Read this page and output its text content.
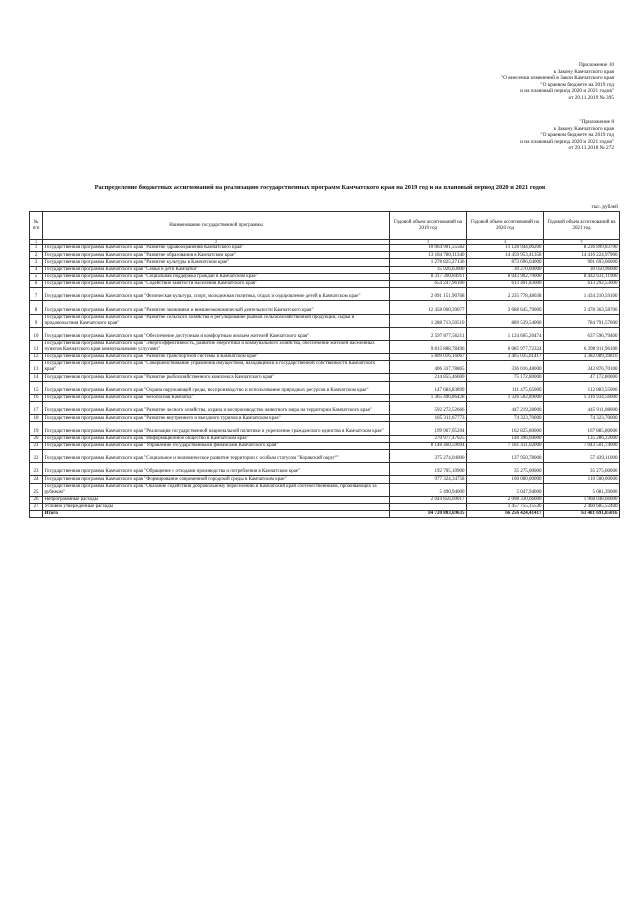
Приложение 10
к Закону Камчатского края
"О внесении изменений в Закон Камчатского края
"О краевом бюджете на 2019 год
и на плановый период 2020 и 2021 годов"
от 29.11.2019 № 395
"Приложение 8
к Закону Камчатского края
"О краевом бюджете на 2019 год
и на плановый период 2020 и 2021 годов"
от 29.11.2018 № 272
Распределение бюджетных ассигнований на реализацию государственных программ Камчатского края на 2019 год и на плановый период 2020 и 2021 годов
тыс. рублей
№ п/п	Наименование государственной программы	Годовой объем ассигнований на 2019 год	Годовой объем ассигнований на 2020 год	Годовой объем ассигнований на 2021 год
1	2	3	4	5
1	Государственная программа Камчатского края "Развитие здравоохранения Камчатского края"	10 064 901,55582	11 128 944,06200	8 236 899,83700
2	Государственная программа Камчатского края "Развитие образования в Камчатском крае"	13 184 780,11340	14 459 953,41358	14 416 224,97900
3	Государственная программа Камчатского края "Развитие культуры в Камчатском крае"	1 278 825,27136	873 696,04000	901 693,06000
4	Государственная программа Камчатского края "Семья и дети Камчатки"	35 926,63000	30 270,00000	30 050,96000
5	Государственная программа Камчатского края "Социальная поддержка граждан в Камчатском крае"	8 317 390,84911	8 043 902,79000	8 442 631,11900
6	Государственная программа Камчатского края "Содействие занятости населения Камчатского края"	654 247,96100	613 401,83000	613 292,53000
7	Государственная программа Камчатского края "Физическая культура, спорт, молодежная политика, отдых и оздоровление детей в Камчатском крае"	2 091 151,90768	2 235 778,48038	1 434 210,59100
8	Государственная программа Камчатского края "Развитие экономики и внешнеэкономической деятельности Камчатского края"	12 458 060,39077	3 688 645,79000	3 478 363,58700
9	Государственная программа Камчатского края "Развитие сельского хозяйства и регулирование рынков сельскохозяйственной продукции, сырья и продовольствия Камчатского края"	1 288 713,50510	889 539,54000	784 791,57000
10	Государственная программа Камчатского края "Обеспечение доступным и комфортным жильем жителей Камчатского края"	2 597 877,56211	1 124 605,20474	637 596,79400
11	Государственная программа Камчатского края "Энергоэффективность, развитие энергетики и коммунального хозяйства, обеспечение жителей населенных пунктов Камчатского края коммунальными услугами"	9 815 888,78496	6 085 977,72324	6 398 911,96100
12	Государственная программа Камчатского края "Развитие транспортной системы в Камчатском крае"	5 809 016,16067	3 465 035,61417	3 382 089,39816
13	Государственная программа Камчатского края "Совершенствование управления имуществом, находящимся в государственной собственности Камчатского края"	406 337,78865	336 016,48000	343 876,70100
14	Государственная программа Камчатского края "Развитие рыбохозяйственного комплекса Камчатского края"	214 855,46600	75 172,80000	47 172,80000
15	Государственная программа Камчатского края "Охрана окружающей среды, воспроизводство и использование природных ресурсов в Камчатском крае"	147 684,83899	111 475,65000	112 883,55000
16	Государственная программа Камчатского края "Безопасная Камчатка"	1 365 496,86428	1 326 502,89000	1 316 934,56000
17	Государственная программа Камчатского края "Развитие лесного хозяйства, охрана и воспроизводство животного мира на территории Камчатского края"	592 272,52666	447 219,28000	445 911,08000
18	Государственная программа Камчатского края "Развитие внутреннего и въездного туризма в Камчатском крае"	185 311,67773	74 323,70000	74 323,70000
19	Государственная программа Камчатского края "Реализация государственной национальной политики и укрепление гражданского единства в Камчатском крае"	199 967,05204	162 825,80000	167 885,80000
20	Государственная программа Камчатского края "Информационное общество в Камчатском крае"	270 977,47025	148 396,69000	135 286,22000
21	Государственная программа Камчатского края "Управление государственными финансами Камчатского края"	8 148 460,59094	7 181 411,02000	7 043 501,74000
22	Государственная программа Камчатского края "Социальное и экономическое развитие территории с особым статусом "Корякский округ""	375 274,04000	137 950,78000	57 439,11000
23	Государственная программа Камчатского края "Обращение с отходами производства и потребления в Камчатском крае"	192 705,10900	35 275,00000	35 275,00000
24	Государственная программа Камчатского края "Формирование современной городской среды в Камчатском крае"	977 324,34758	160 000,00000	110 500,00000
25	Государственная программа Камчатского края "Оказание содействия добровольному переселению в Камчатский край соотечественников, проживающих за рубежом"	5 490,94000	5 047,94000	5 081,39000
26	Непрограммные расходы	2 044 856,69017	2 098 330,66000	1 968 048,66000
27	Условно утвержденные расходы		1 457 755,15536	2 460 685,52400
	Итого	84 720 803,69635	66 256 424,41417	63 481 691,85016
